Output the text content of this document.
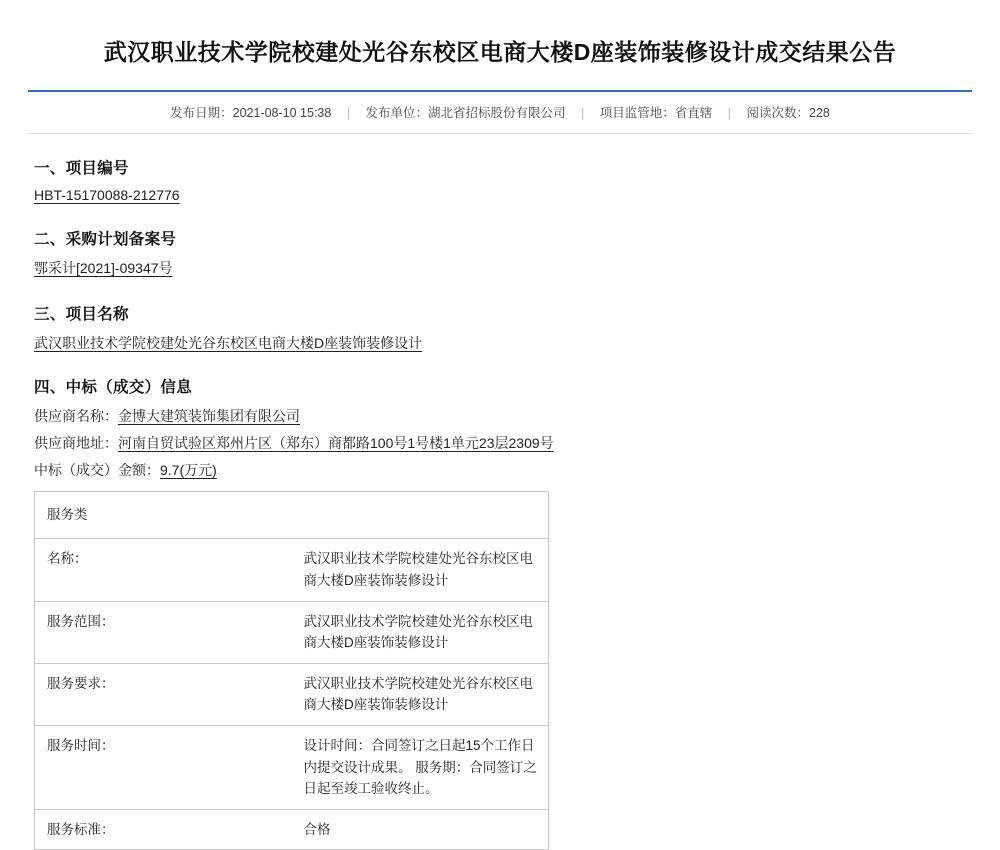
武汉职业技术学院校建处光谷东校区电商大楼D座装饰装修设计成交结果公告
发布日期：2021-08-10 15:38 | 发布单位：湖北省招标股份有限公司 | 项目监管地：省直辖 | 阅读次数：228
一、项目编号
HBT-15170088-212776
二、采购计划备案号
鄂采计[2021]-09347号
三、项目名称
武汉职业技术学院校建处光谷东校区电商大楼D座装饰装修设计
四、中标（成交）信息
供应商名称：金博大建筑装饰集团有限公司
供应商地址：河南自贸试验区郑州片区（郑东）商都路100号1号楼1单元23层2309号
中标（成交）金额：9.7(万元)
服务类	
名称：	武汉职业技术学院校建处光谷东校区电商大楼D座装饰装修设计
服务范围：	武汉职业技术学院校建处光谷东校区电商大楼D座装饰装修设计
服务要求：	武汉职业技术学院校建处光谷东校区电商大楼D座装饰装修设计
服务时间：	设计时间：合同签订之日起15个工作日内提交设计成果。 服务期：合同签订之日起至竣工验收终止。
服务标准：	合格
